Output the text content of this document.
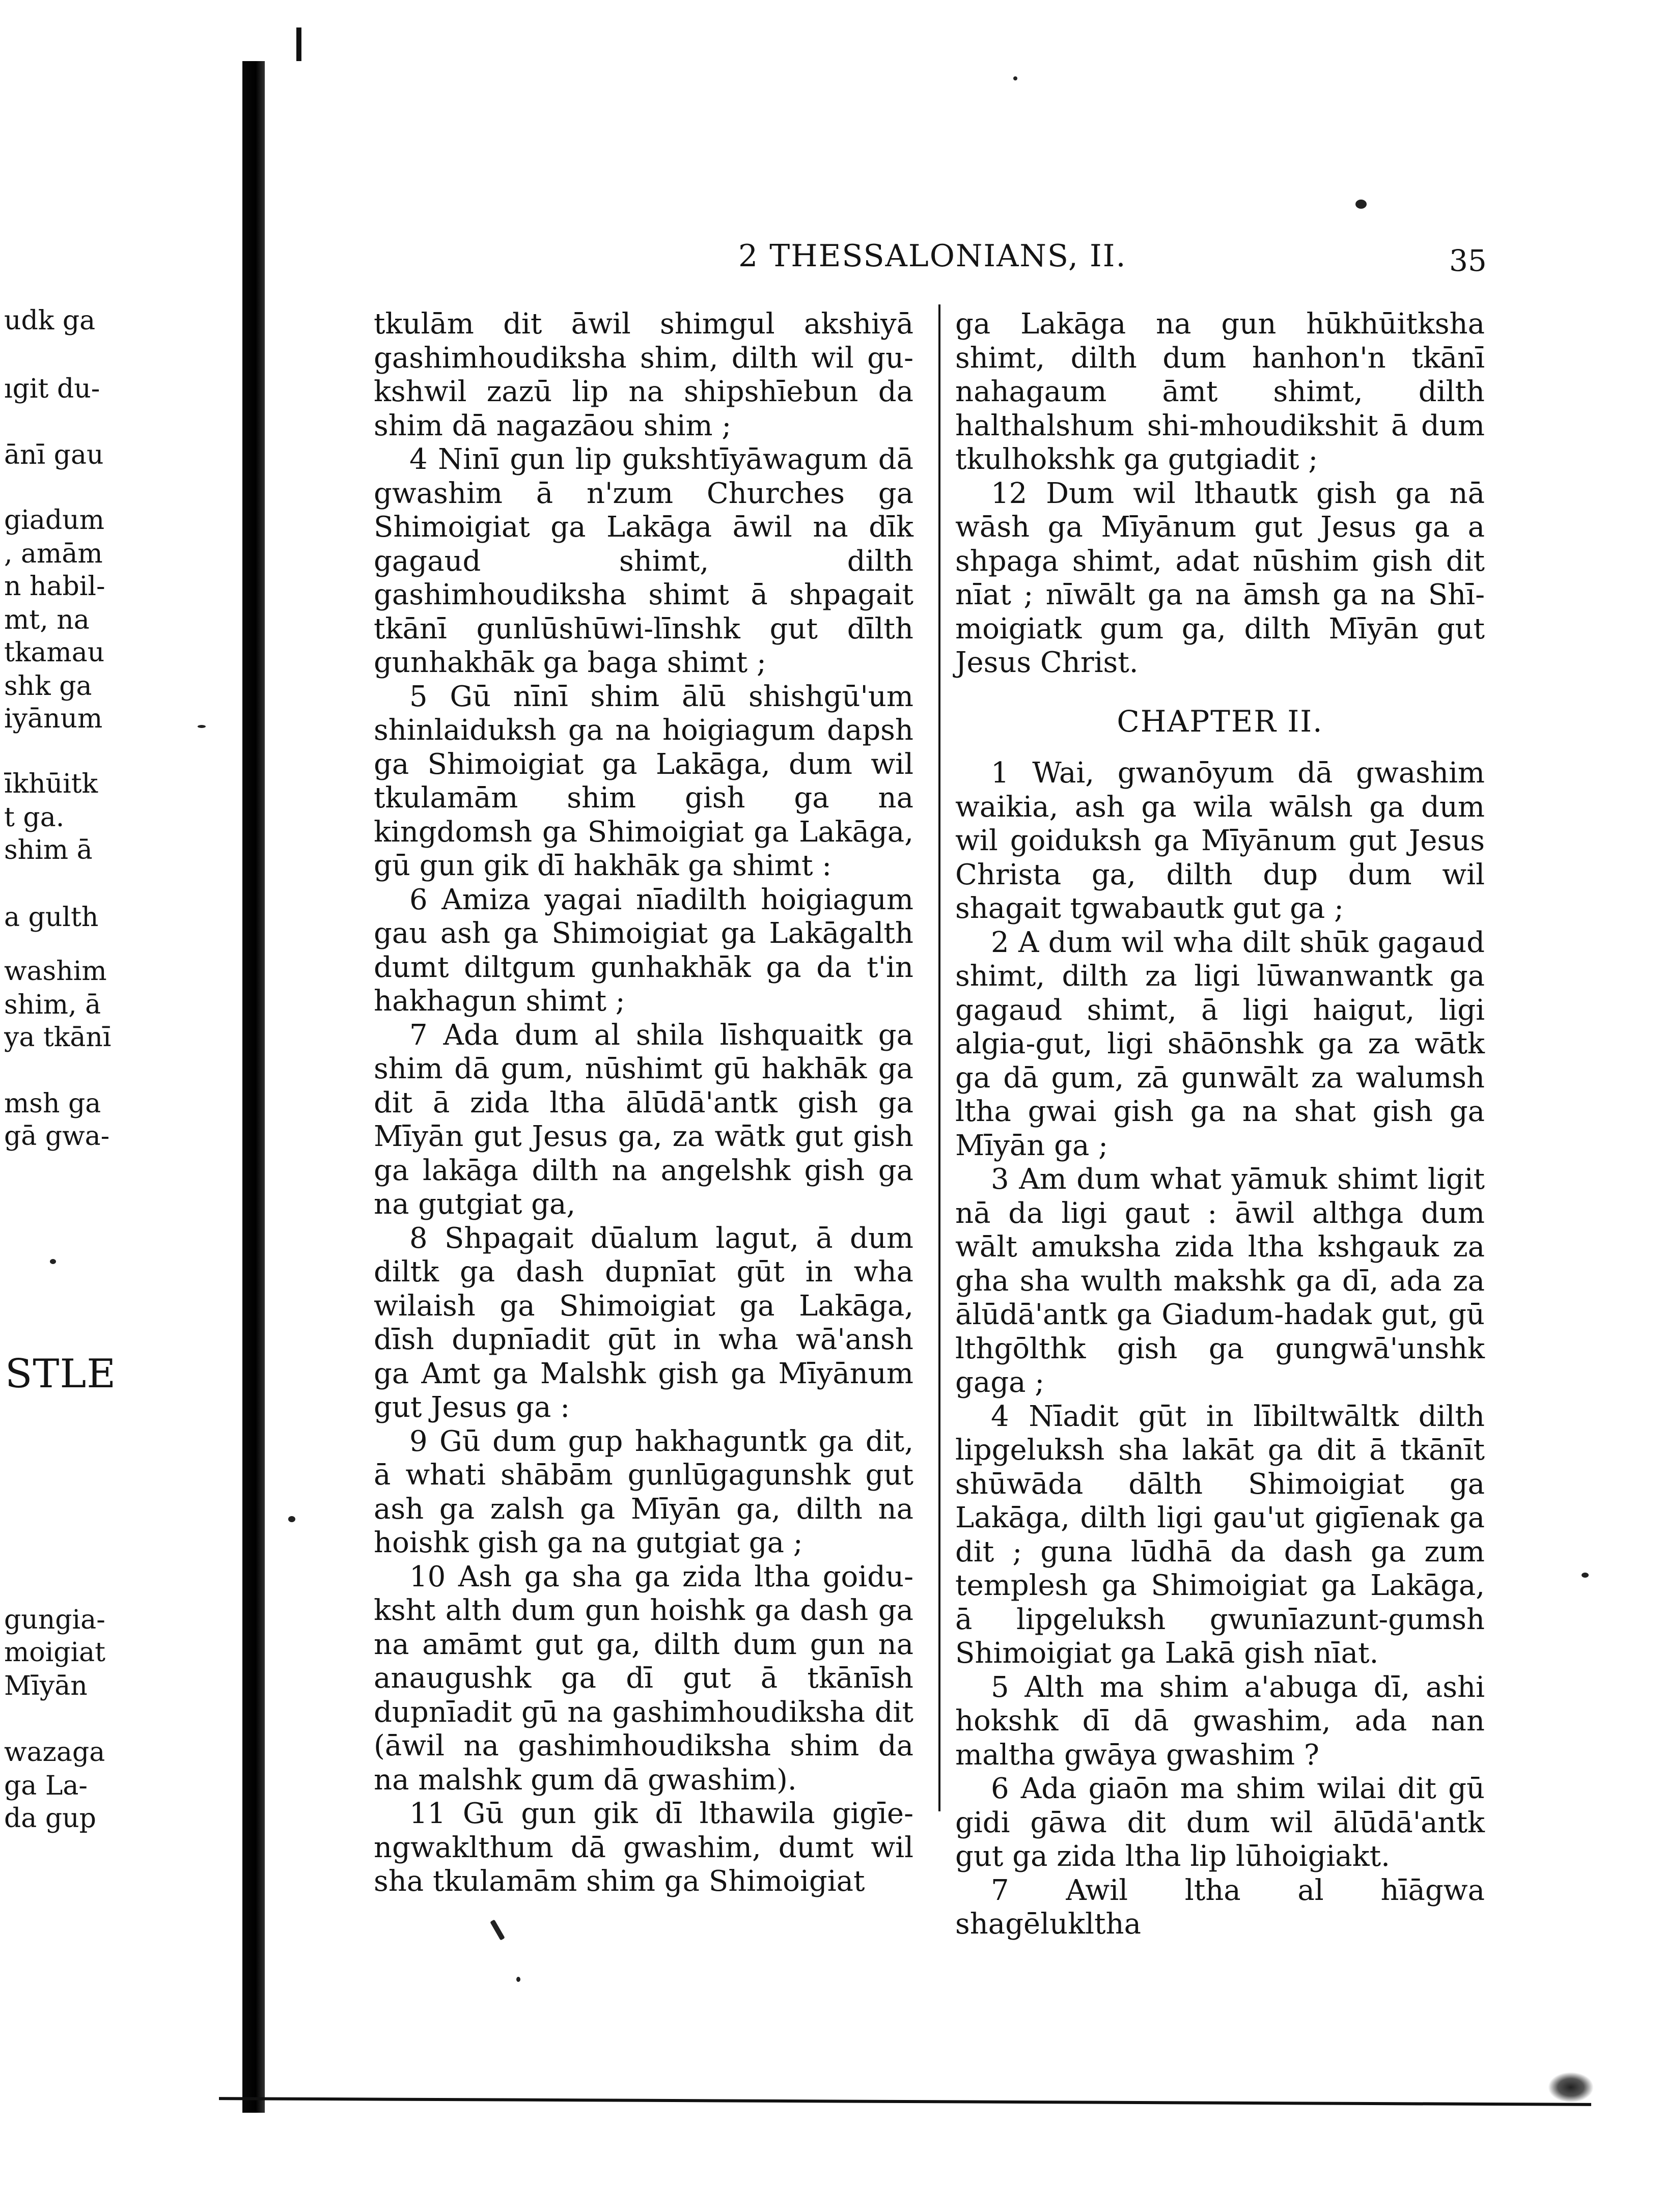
udk ga
ıgit du-
ānī gau
giadum
, amām
n habil-
mt, na
tkamau
shk ga
iyānum
īkhūitk
t ga.
shim ā
a gulth
washim
shim, ā
ya tkānī
msh ga
gā gwa-
STLE
gungia-
moigiat
Mīyān
wazaga
ga La-
da gup
2 THESSALONIANS, II.	35

tkulām dit āwil shimgul akshiyā gashimhoudiksha shim, dilth wil gu-kshwil zazū lip na shipshīebun da shim dā nagazāou shim ;

4 Ninī gun lip gukshtīyāwagum dā gwashim ā n'zum Churches ga Shimoigiat ga Lakāga āwil na dīk gagaud shimt, dilth gashimhoudiksha shimt ā shpagait tkānī gunlūshūwi-līnshk gut dīlth gunhakhāk ga baga shimt ;

5 Gū nīnī shim ālū shishgū'um shinlaiduksh ga na hoigiagum dapsh ga Shimoigiat ga Lakāga, dum wil tkulamām shim gish ga na kingdomsh ga Shimoigiat ga Lakāga, gū gun gik dī hakhāk ga shimt :

6 Amiza yagai nīadilth hoigiagum gau ash ga Shimoigiat ga Lakāgalth dumt diltgum gunhakhāk ga da t'in hakhagun shimt ;

7 Ada dum al shila līshquaitk ga shim dā gum, nūshimt gū hakhāk ga dit ā zida ltha ālūdā'antk gish ga Mīyān gut Jesus ga, za wātk gut gish ga lakāga dilth na angelshk gish ga na gutgiat ga,

8 Shpagait dūalum lagut, ā dum diltk ga dash dupnīat gūt in wha wilaish ga Shimoigiat ga Lakāga, dīsh dupnīadit gūt in wha wā'ansh ga Amt ga Malshk gish ga Mīyānum gut Jesus ga :

9 Gū dum gup hakhaguntk ga dit, ā whati shābām gunlūgagunshk gut ash ga zalsh ga Mīyān ga, dilth na hoishk gish ga na gutgiat ga ;

10 Ash ga sha ga zida ltha goidu-ksht alth dum gun hoishk ga dash ga na amāmt gut ga, dilth dum gun na anaugushk ga dī gut ā tkānīsh dupnīadit gū na gashimhoudiksha dit (āwil na gashimhoudiksha shim da na malshk gum dā gwashim).

11 Gū gun gik dī lthawila gigīe-ngwaklthum dā gwashim, dumt wil sha tkulamām shim ga Shimoigiat

ga Lakāga na gun hūkhūitksha shimt, dilth dum hanhon'n tkānī nahagaum āmt shimt, dilth halthalshum shi-mhoudikshit ā dum tkulhokshk ga gutgiadit ;

12 Dum wil lthautk gish ga nā wāsh ga Mīyānum gut Jesus ga a shpaga shimt, adat nūshim gish dit nīat ; nīwālt ga na āmsh ga na Shī-moigiatk gum ga, dilth Mīyān gut Jesus Christ.

CHAPTER II.

1 Wai, gwanōyum dā gwashim waikia, ash ga wila wālsh ga dum wil goiduksh ga Mīyānum gut Jesus Christa ga, dilth dup dum wil shagait tgwabautk gut ga ;

2 A dum wil wha dilt shūk gagaud shimt, dilth za ligi lūwanwantk ga gagaud shimt, ā ligi haigut, ligi algia-gut, ligi shāōnshk ga za wātk ga dā gum, zā gunwālt za walumsh ltha gwai gish ga na shat gish ga Mīyān ga ;

3 Am dum what yāmuk shimt ligit nā da ligi gaut : āwil althga dum wālt amuksha zida ltha kshgauk za gha sha wulth makshk ga dī, ada za ālūdā'antk ga Giadum-hadak gut, gū lthgōlthk gish ga gungwā'unshk gaga ;

4 Nīadit gūt in lībiltwāltk dilth lipgeluksh sha lakāt ga dit ā tkānīt shūwāda dālth Shimoigiat ga Lakāga, dilth ligi gau'ut gigīenak ga dit ; guna lūdhā da dash ga zum templesh ga Shimoigiat ga Lakāga, ā lipgeluksh gwunīazunt-gumsh Shimoigiat ga Lakā gish nīat.

5 Alth ma shim a'abuga dī, ashi hokshk dī dā gwashim, ada nan maltha gwāya gwashim ?

6 Ada giaōn ma shim wilai dit gū gidi gāwa dit dum wil ālūdā'antk gut ga zida ltha lip lūhoigiakt.

7 Awil ltha al hīāgwa shagēlukltha
